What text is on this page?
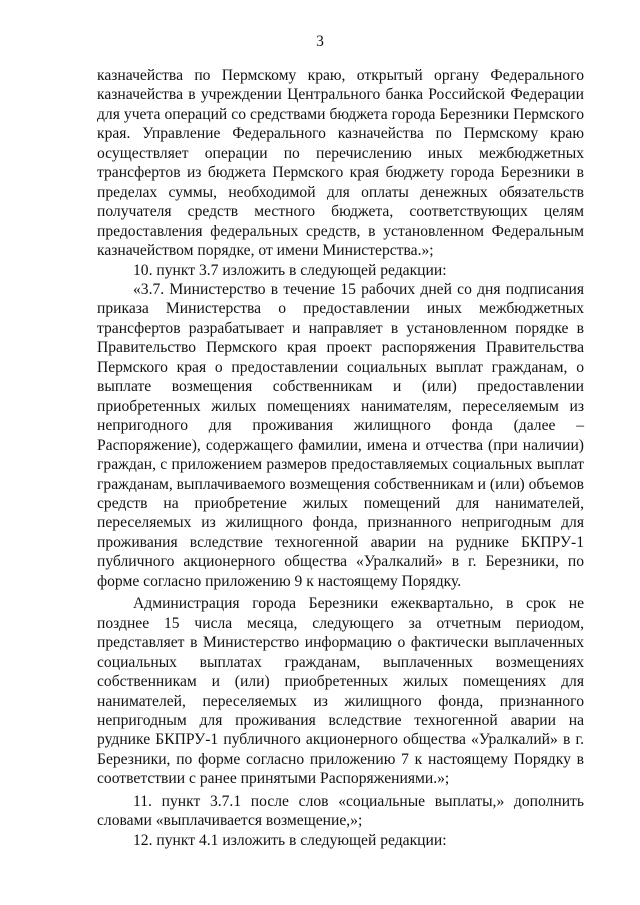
3

казначейства по Пермскому краю, открытый органу Федерального казначейства в учреждении Центрального банка Российской Федерации для учета операций со средствами бюджета города Березники Пермского края. Управление Федерального казначейства по Пермскому краю осуществляет операции по перечислению иных межбюджетных трансфертов из бюджета Пермского края бюджету города Березники в пределах суммы, необходимой для оплаты денежных обязательств получателя средств местного бюджета, соответствующих целям предоставления федеральных средств, в установленном Федеральным казначейством порядке, от имени Министерства.»;

10. пункт 3.7 изложить в следующей редакции:

«3.7. Министерство в течение 15 рабочих дней со дня подписания приказа Министерства о предоставлении иных межбюджетных трансфертов разрабатывает и направляет в установленном порядке в Правительство Пермского края проект распоряжения Правительства Пермского края о предоставлении социальных выплат гражданам, о выплате возмещения собственникам и (или) предоставлении приобретенных жилых помещениях нанимателям, переселяемым из непригодного для проживания жилищного фонда (далее – Распоряжение), содержащего фамилии, имена и отчества (при наличии) граждан, с приложением размеров предоставляемых социальных выплат гражданам, выплачиваемого возмещения собственникам и (или) объемов средств на приобретение жилых помещений для нанимателей, переселяемых из жилищного фонда, признанного непригодным для проживания вследствие техногенной аварии на руднике БКПРУ-1 публичного акционерного общества «Уралкалий» в г. Березники, по форме согласно приложению 9 к настоящему Порядку.

Администрация города Березники ежеквартально, в срок не позднее 15 числа месяца, следующего за отчетным периодом, представляет в Министерство информацию о фактически выплаченных социальных выплатах гражданам, выплаченных возмещениях собственникам и (или) приобретенных жилых помещениях для нанимателей, переселяемых из жилищного фонда, признанного непригодным для проживания вследствие техногенной аварии на руднике БКПРУ-1 публичного акционерного общества «Уралкалий» в г. Березники, по форме согласно приложению 7 к настоящему Порядку в соответствии с ранее принятыми Распоряжениями.»;

11. пункт 3.7.1 после слов «социальные выплаты,» дополнить словами «выплачивается возмещение,»;

12. пункт 4.1 изложить в следующей редакции:
